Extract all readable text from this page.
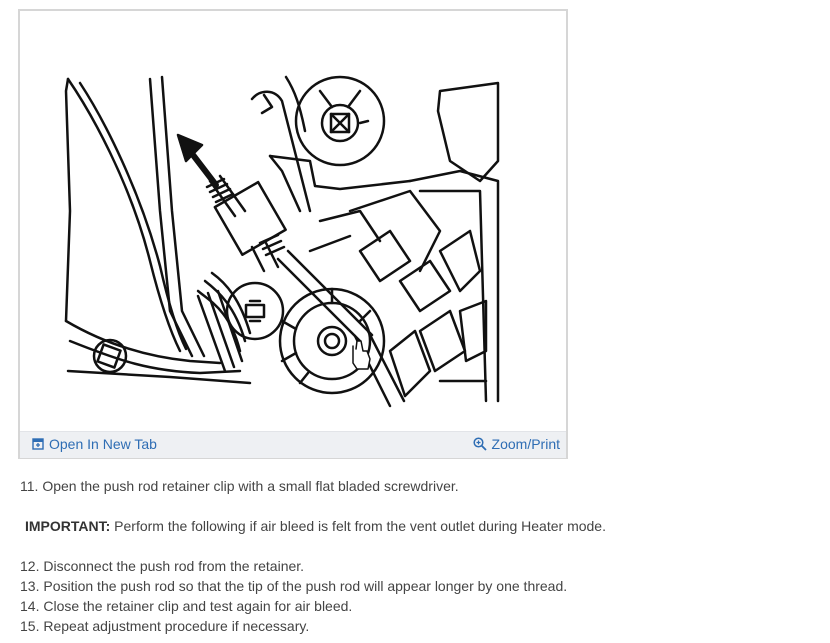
Open In New Tab	Zoom/Print
11. Open the push rod retainer clip with a small flat bladed screwdriver.
IMPORTANT: Perform the following if air bleed is felt from the vent outlet during Heater mode.
12. Disconnect the push rod from the retainer.
13. Position the push rod so that the tip of the push rod will appear longer by one thread.
14. Close the retainer clip and test again for air bleed.
15. Repeat adjustment procedure if necessary.
